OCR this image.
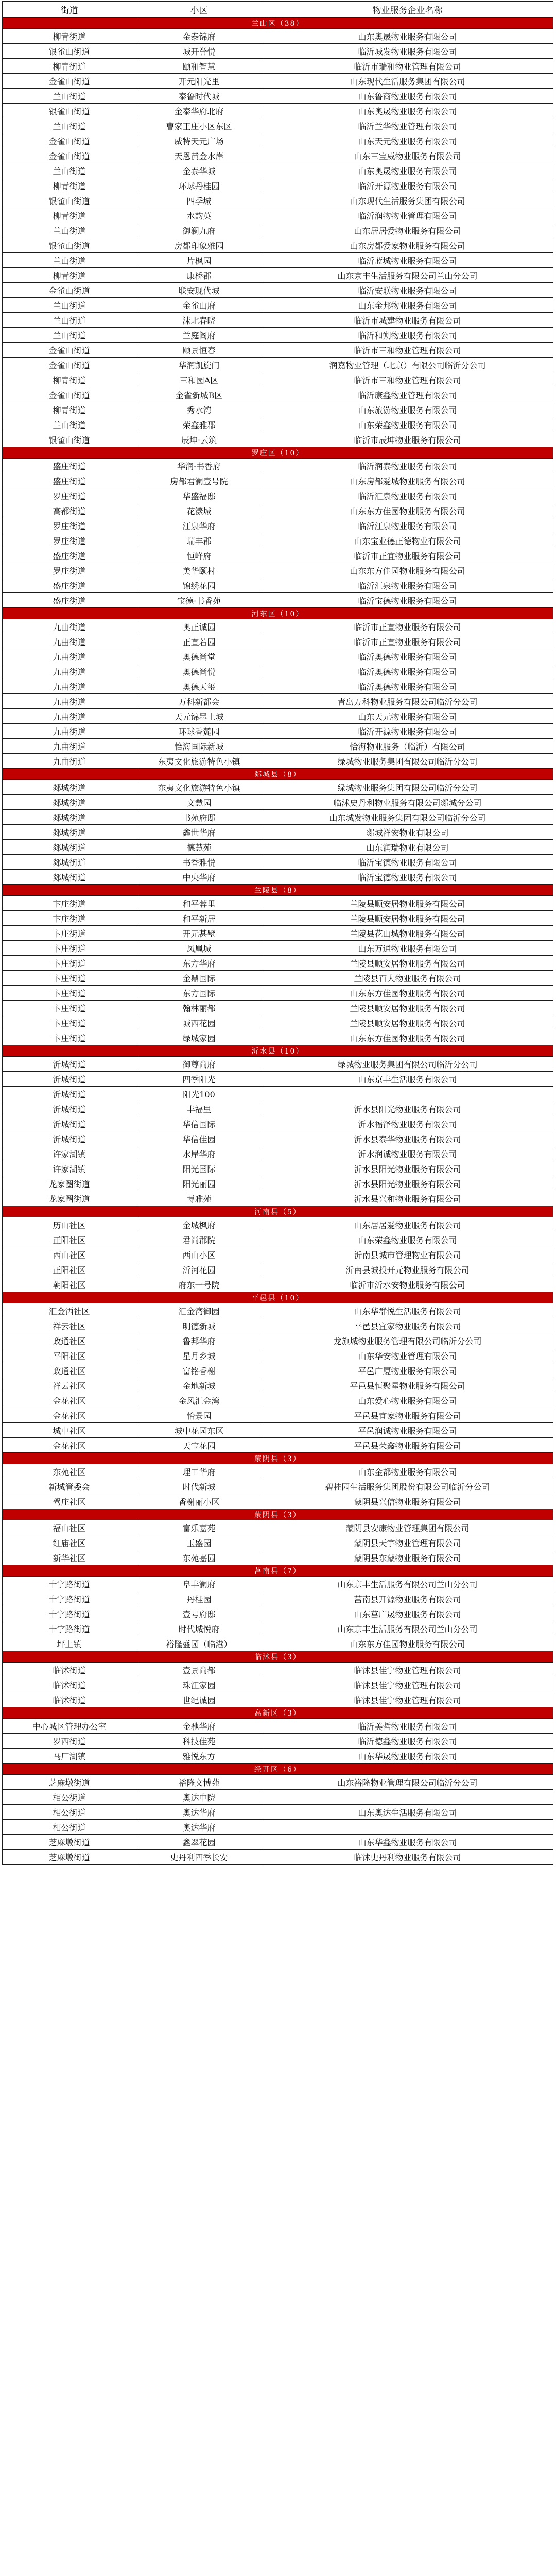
街道	小区	物业服务企业名称
兰山区（38）		
柳青街道	金泰锦府	山东奥晟物业服务有限公司
银雀山街道	城开誉悦	临沂城发物业服务有限公司
柳青街道	颐和智慧	临沂市瑞和物业管理有限公司
金雀山街道	开元阳光里	山东现代生活服务集团有限公司
兰山街道	泰鲁时代城	山东鲁商物业服务有限公司
银雀山街道	金泰华府北府	山东奥晟物业服务有限公司
兰山街道	曹家王庄小区东区	临沂兰华物业管理有限公司
金雀山街道	威特天元广场	山东天元物业服务有限公司
金雀山街道	天恩黄金水岸	山东三宝威物业服务有限公司
兰山街道	金泰华城	山东奥晟物业服务有限公司
柳青街道	环球丹桂园	临沂开源物业服务有限公司
银雀山街道	四季城	山东现代生活服务集团有限公司
柳青街道	水韵英	临沂润物物业管理有限公司
兰山街道	御澜九府	山东居居爱物业服务有限公司
银雀山街道	房都印象雅园	山东房都爱家物业服务有限公司
兰山街道	片枫园	临沂蓝城物业服务有限公司
柳青街道	康桥郡	山东京丰生活服务有限公司兰山分公司
金雀山街道	联安现代城	临沂安联物业服务有限公司
兰山街道	金雀山府	山东金邦物业服务有限公司
兰山街道	沫北春晓	临沂市城建物业服务有限公司
兰山街道	兰庭阁府	临沂和朔物业服务有限公司
金雀山街道	颐景恒春	临沂市三和物业管理有限公司
金雀山街道	华润凯旋门	润嘉物业管理（北京）有限公司临沂分公司
柳青街道	三和园A区	临沂市三和物业管理有限公司
金雀山街道	金雀新城B区	临沂康鑫物业管理有限公司
柳青街道	秀水湾	山东旅游物业服务有限公司
兰山街道	荣鑫雅郡	山东荣鑫物业服务有限公司
银雀山街道	辰坤·云筑	临沂市辰坤物业服务有限公司
罗庄区（10）		
盛庄街道	华润·书香府	临沂润泰物业服务有限公司
盛庄街道	房都君澜壹号院	山东房都爱城物业服务有限公司
罗庄街道	华盛福邸	临沂汇泉物业服务有限公司
高都街道	花漾城	山东东方佳园物业服务有限公司
罗庄街道	江泉华府	临沂江泉物业服务有限公司
罗庄街道	瑞丰郡	山东宝业德正德物业有限公司
盛庄街道	恒峰府	临沂市正宜物业服务有限公司
罗庄街道	美华颐村	山东东方佳园物业服务有限公司
盛庄街道	锦绣花园	临沂汇泉物业服务有限公司
盛庄街道	宝德·书香苑	临沂宝德物业服务有限公司
河东区（10）		
九曲街道	奥正诚园	临沂市正直物业服务有限公司
九曲街道	正直若园	临沂市正直物业服务有限公司
九曲街道	奥德尚堂	临沂奥德物业服务有限公司
九曲街道	奥德尚悦	临沂奥德物业服务有限公司
九曲街道	奥德天玺	临沂奥德物业服务有限公司
九曲街道	万科新都会	青岛万科物业服务有限公司临沂分公司
九曲街道	天元锦墨上城	山东天元物业服务有限公司
九曲街道	环球香麓园	临沂开源物业服务有限公司
九曲街道	恰海国际新城	恰海物业服务（临沂）有限公司
九曲街道	东夷文化旅游特色小镇	绿城物业服务集团有限公司临沂分公司
郯城县（8）		
郯城街道	东夷文化旅游特色小镇	绿城物业服务集团有限公司临沂分公司
郯城街道	文慧园	临沭史丹利物业服务有限公司郯城分公司
郯城街道	书苑府邸	山东城发物业服务集团有限公司临沂分公司
郯城街道	鑫世华府	郯城祥宏物业有限公司
郯城街道	德慧苑	山东润瑞物业有限公司
郯城街道	书香雅悦	临沂宝德物业服务有限公司
郯城街道	中央华府	临沂宝德物业服务有限公司
兰陵县（8）		
卞庄街道	和平蓉里	兰陵县顺安居物业服务有限公司
卞庄街道	和平新居	兰陵县顺安居物业服务有限公司
卞庄街道	开元甚墅	兰陵县花山城物业服务有限公司
卞庄街道	凤凰城	山东万通物业服务有限公司
卞庄街道	东方华府	兰陵县顺安居物业服务有限公司
卞庄街道	金鼎国际	兰陵县百大物业服务有限公司
卞庄街道	东方国际	山东东方佳园物业服务有限公司
卞庄街道	翰林丽都	兰陵县顺安居物业服务有限公司
卞庄街道	城西花园	兰陵县顺安居物业服务有限公司
卞庄街道	绿城家园	山东东方佳园物业服务有限公司
沂水县（10）		
沂城街道	御尊尚府	绿城物业服务集团有限公司临沂分公司
沂城街道	四季阳光	山东京丰生活服务有限公司
沂城街道	阳光100	
沂城街道	丰福里	沂水县阳光物业服务有限公司
沂城街道	华信国际	沂水福泽物业服务有限公司
沂城街道	华信佳园	沂水县泰华物业服务有限公司
许家湖镇	水岸华府	沂水润诚物业服务有限公司
许家湖镇	阳光国际	沂水县阳光物业服务有限公司
龙家圈街道	阳光丽园	沂水县阳光物业服务有限公司
龙家圈街道	博雅苑	沂水县兴和物业服务有限公司
河南县（5）		
历山社区	金城枫府	山东居居爱物业服务有限公司
正阳社区	君尚郡院	山东荣鑫物业服务有限公司
西山社区	西山小区	沂南县城市管理物业有限公司
正阳社区	沂河花园	沂南县城投开元物业服务有限公司
朝阳社区	府东一号院	临沂市沂水安物业服务有限公司
平邑县（10）		
汇金洒社区	汇金湾御园	山东华群悦生活服务有限公司
祥云社区	明德新城	平邑县宜家物业服务有限公司
政通社区	鲁邦华府	龙旗城物业服务管理有限公司临沂分公司
平阳社区	星月乡城	山东华安物业管理有限公司
政通社区	富铭香榭	平邑广厦物业服务有限公司
祥云社区	金地新城	平邑县恒聚星物业服务有限公司
金花社区	金风汇金湾	山东爱心物业服务有限公司
金花社区	怡景园	平邑县宜家物业服务有限公司
城中社区	城中花园东区	平邑润诚物业服务有限公司
金花社区	天宝花园	平邑县荣鑫物业服务有限公司
蒙阴县（3）		
东苑社区	理工华府	山东金都物业服务有限公司
新城管委会	时代新城	碧桂园生活服务集团股份有限公司临沂分公司
驾庄社区	香榭丽小区	蒙阴县兴信物业服务有限公司
蒙阴县（3）		
福山社区	富乐嘉苑	蒙阴县安康物业管理集团有限公司
红庙社区	玉盛园	蒙阴县天宇物业管理有限公司
新华社区	东苑嘉园	蒙阴县东蒙物业服务有限公司
莒南县（7）		
十字路街道	阜丰澜府	山东京丰生活服务有限公司兰山分公司
十字路街道	丹桂园	莒南县开源物业服务有限公司
十字路街道	壹号府邸	山东莒广晟物业服务有限公司
十字路街道	时代城悦府	山东京丰生活服务有限公司兰山分公司
坪上镇	裕隆盛园（临港）	山东东方佳园物业服务有限公司
临沭县（3）		
临沭街道	壹景尚都	临沭县佳宁物业管理有限公司
临沭街道	珠江家园	临沭县佳宁物业管理有限公司
临沭街道	世纪诚园	临沭县佳宁物业管理有限公司
高新区（3）		
中心城区管理办公室	金驰华府	临沂美哲物业服务有限公司
罗西街道	科技佳苑	临沂德鑫物业服务有限公司
马厂湖镇	雅悦东方	山东华晟物业服务有限公司
经开区（6）		
芝麻墩街道	裕隆文博苑	山东裕隆物业管理有限公司临沂分公司
相公街道	奥达中院	
相公街道	奥达华府	山东奥达生活服务有限公司
相公街道	奥达华府	
芝麻墩街道	鑫翠花园	山东华鑫物业服务有限公司
芝麻墩街道	史丹利四季长安	临沭史丹利物业服务有限公司
